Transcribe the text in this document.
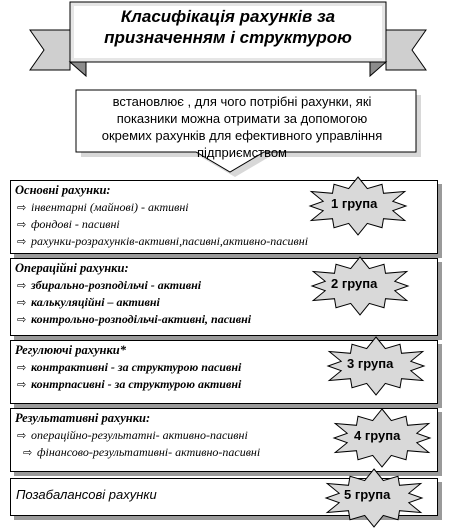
Класифікація рахунків за призначенням і структурою
встановлює , для чого потрібні рахунки, які показники можна отримати за допомогою окремих рахунків для ефективного управління підприємством
Основні рахунки:
⇨ інвентарні (майнові) - активні
⇨ фондові - пасивні
⇨ рахунки-розрахунків-активні,пасивні,активно-пасивні
Операційні рахунки:
⇨ збирально-розподільчі - активні
⇨ калькуляційні – активні
⇨ контрольно-розподільчі-активні, пасивні
Регулюючі рахунки*
⇨ контрактивні - за структурою пасивні
⇨ контрпасивні - за структурою активні
Результативні рахунки:
⇨ операційно-результатні- активно-пасивні
⇨ фінансово-результативні- активно-пасивні
Позабалансові рахунки
1 група
2 група
3 група
4 група
5 група
